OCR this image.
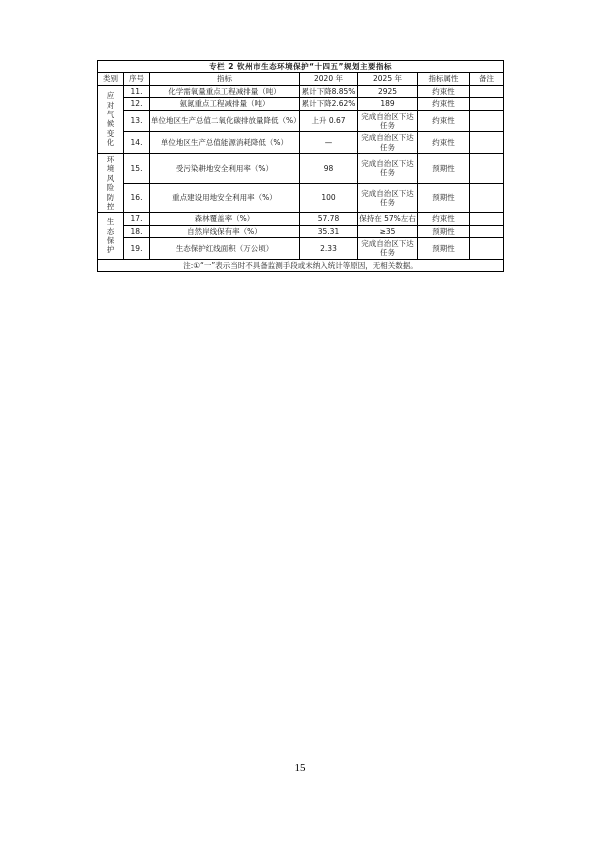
专栏 2 钦州市生态环境保护“十四五”规划主要指标						
类别	序号	指标	2020 年	2025 年	指标属性	备注

应对气候变化	11.	化学需氧量重点工程减排量（吨）	累计下降8.85%	2925	约束性	
	12.	氨氮重点工程减排量（吨）	累计下降2.62%	189	约束性	
	13.	单位地区生产总值二氧化碳排放量降低（%）	上升 0.67	完成自治区下达任务	约束性	
	14.	单位地区生产总值能源消耗降低（%）	—	完成自治区下达任务	约束性	

环境风险防控	15.	受污染耕地安全利用率（%）	98	完成自治区下达任务	预期性	
	16.	重点建设用地安全利用率（%）	100	完成自治区下达任务	预期性	

生态保护	17.	森林覆盖率（%）	57.78	保持在 57%左右	约束性	
	18.	自然岸线保有率（%）	35.31	≥35	预期性	
	19.	生态保护红线面积（万公顷）	2.33	完成自治区下达任务	预期性	
注:①“一”表示当时不具备监测手段或未纳入统计等原因，无相关数据。						
15
